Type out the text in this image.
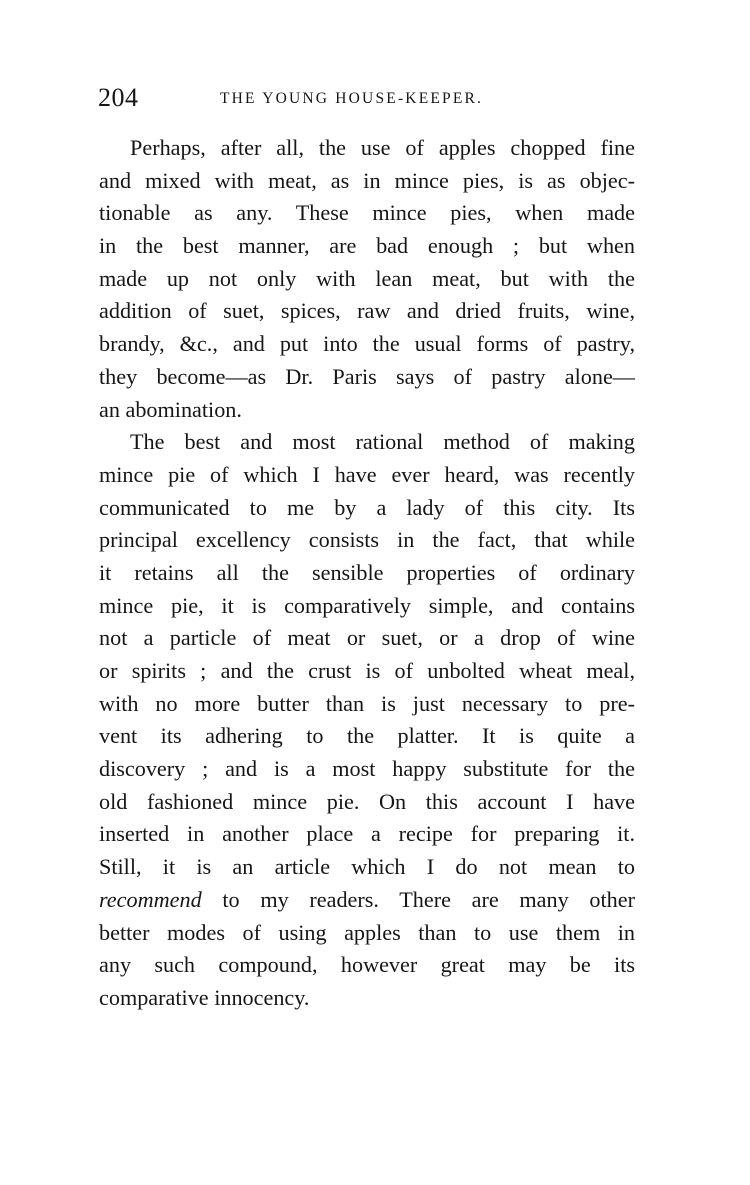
204	THE YOUNG HOUSE-KEEPER.
Perhaps, after all, the use of apples chopped fine
and mixed with meat, as in mince pies, is as objec-
tionable as any. These mince pies, when made
in the best manner, are bad enough ; but when
made up not only with lean meat, but with the
addition of suet, spices, raw and dried fruits, wine,
brandy, &c., and put into the usual forms of pastry,
they become—as Dr. Paris says of pastry alone—
an abomination.
The best and most rational method of making
mince pie of which I have ever heard, was recently
communicated to me by a lady of this city. Its
principal excellency consists in the fact, that while
it retains all the sensible properties of ordinary
mince pie, it is comparatively simple, and contains
not a particle of meat or suet, or a drop of wine
or spirits ; and the crust is of unbolted wheat meal,
with no more butter than is just necessary to pre-
vent its adhering to the platter. It is quite a
discovery ; and is a most happy substitute for the
old fashioned mince pie. On this account I have
inserted in another place a recipe for preparing it.
Still, it is an article which I do not mean to
recommend to my readers. There are many other
better modes of using apples than to use them in
any such compound, however great may be its
comparative innocency.
